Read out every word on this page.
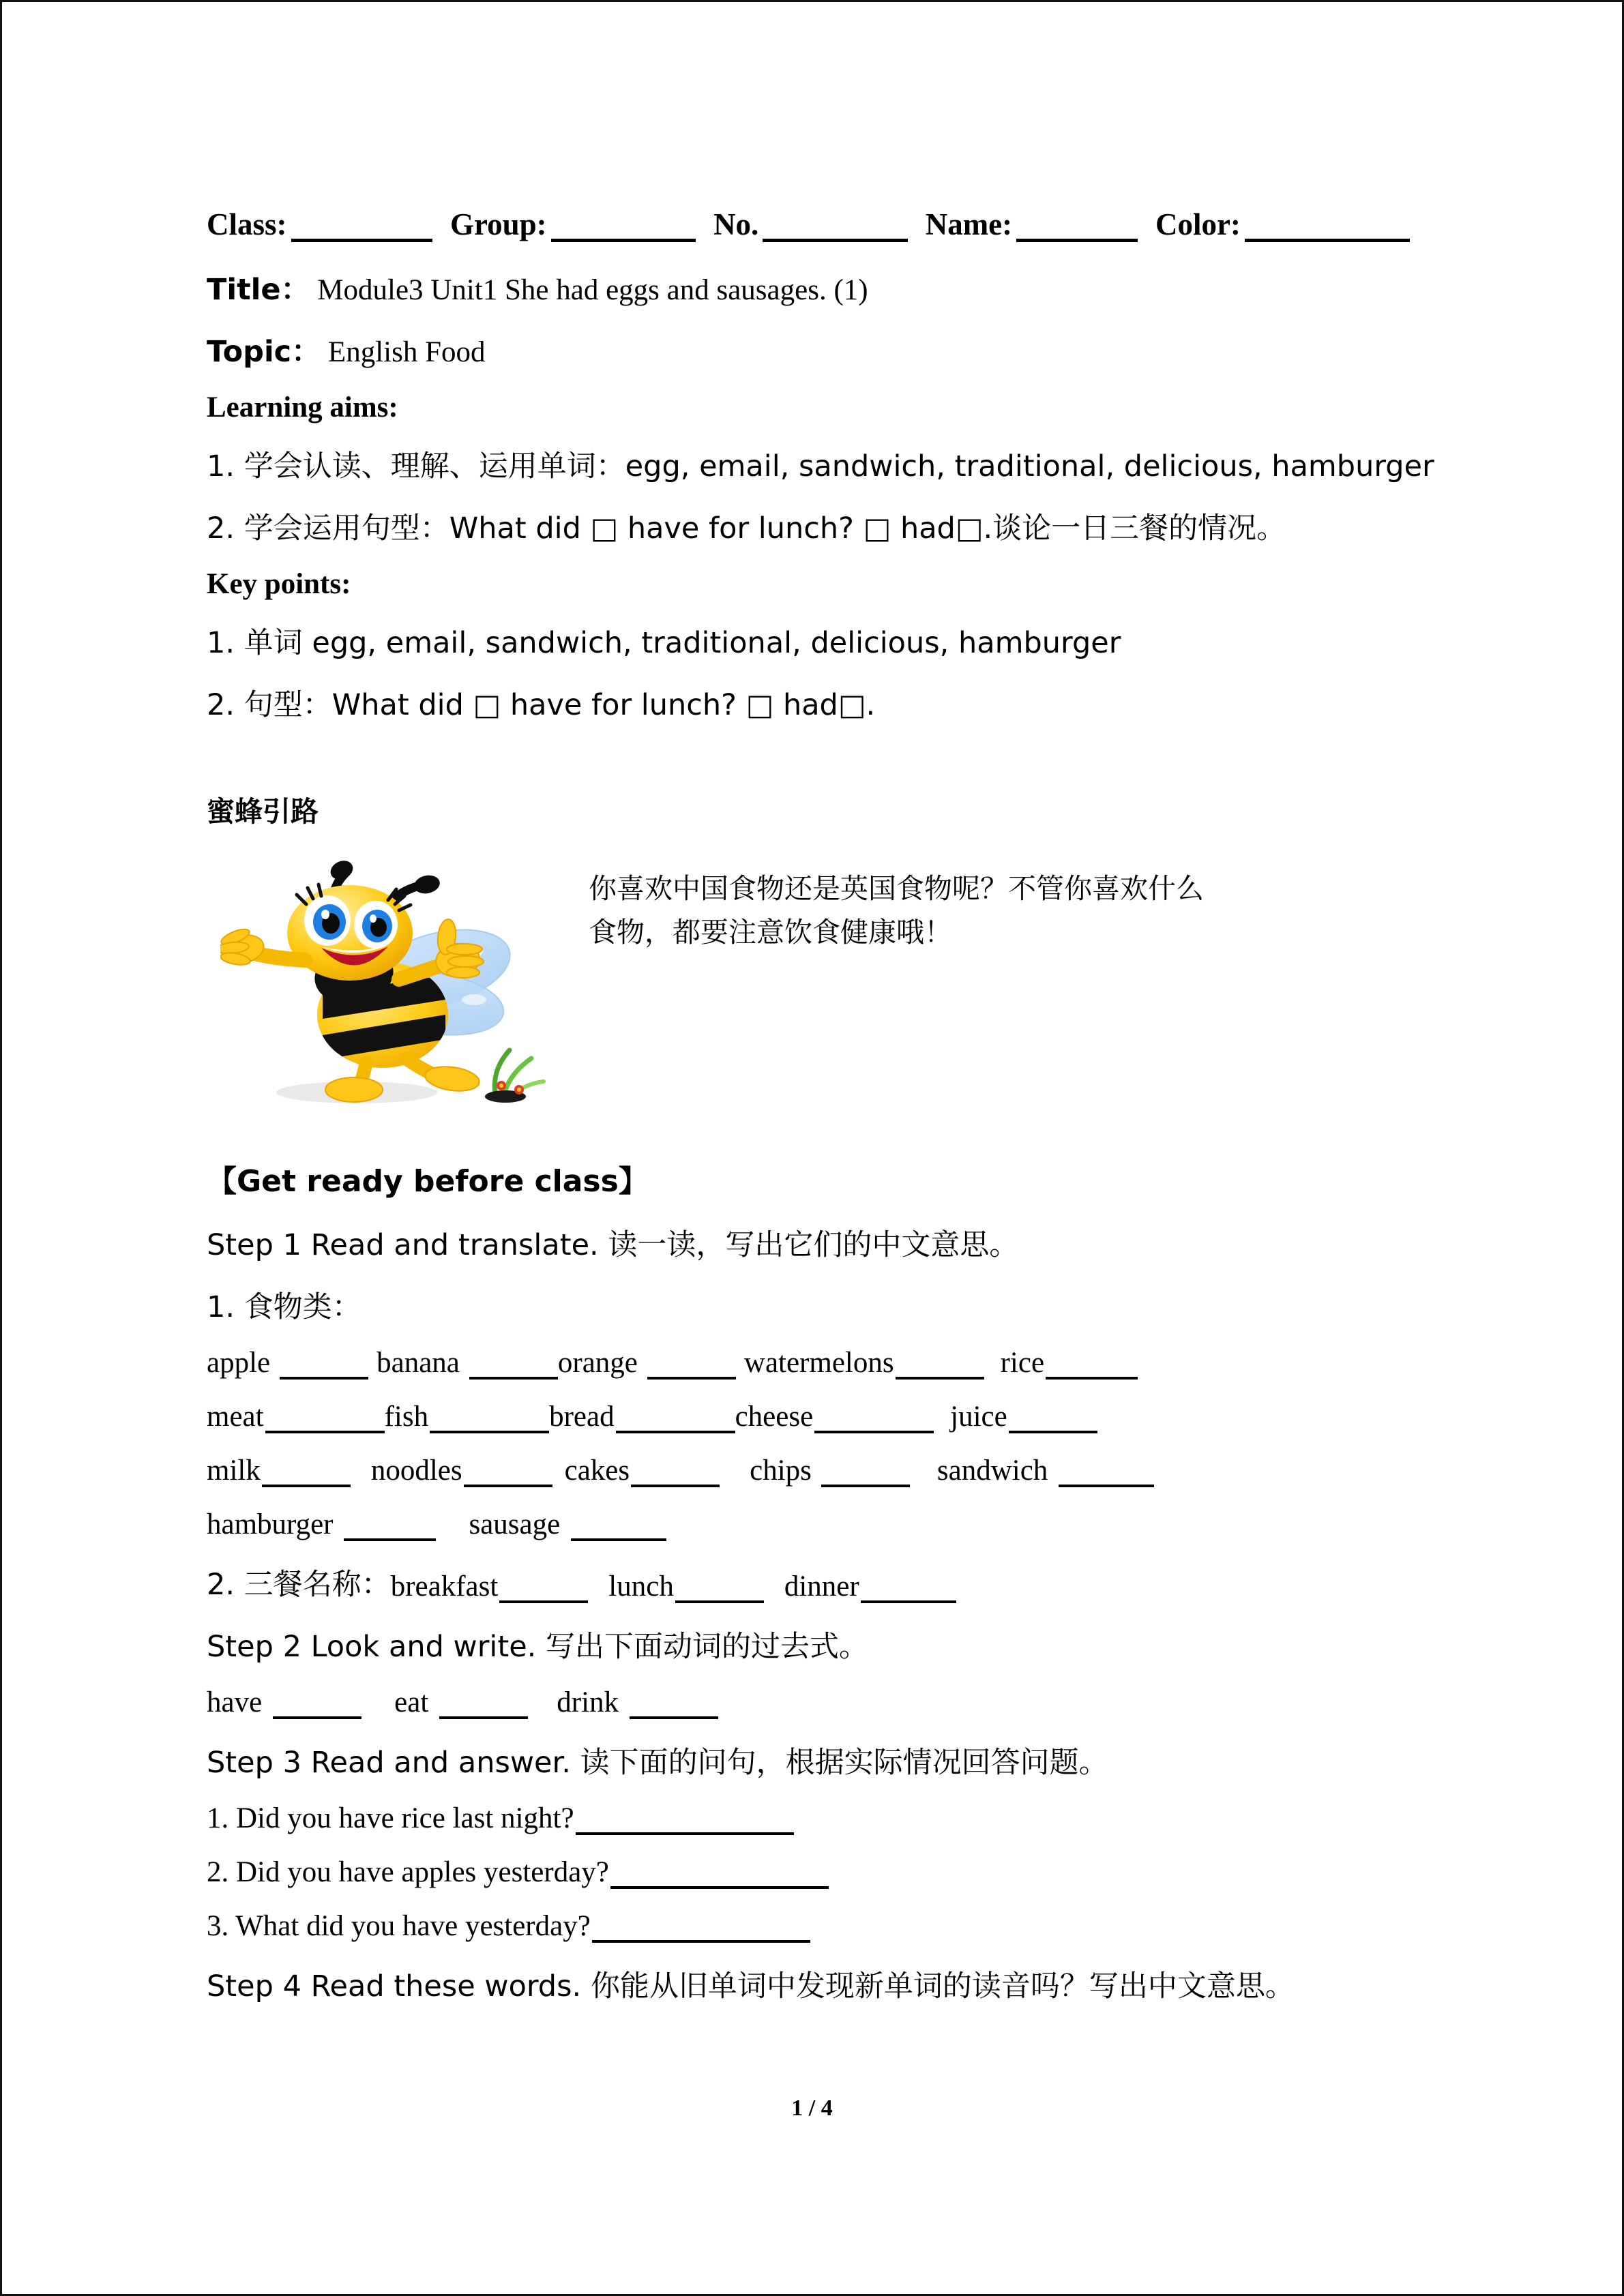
Class:	Group:	No.	Name:	Color:
Title： Module3 Unit1 She had eggs and sausages. (1)
Topic： English Food
Learning aims:
1. 学会认读、理解、运用单词：egg, email, sandwich, traditional, delicious, hamburger
2. 学会运用句型：What did □ have for lunch? □ had□.谈论一日三餐的情况。
Key points:
1. 单词 egg, email, sandwich, traditional, delicious, hamburger
2. 句型：What did □ have for lunch? □ had□.
蜜蜂引路
你喜欢中国食物还是英国食物呢？不管你喜欢什么
食物，都要注意饮食健康哦！
【Get ready before class】
Step 1 Read and translate. 读一读，写出它们的中文意思。
1. 食物类：
apple	banana	orange	watermelons	rice
meat	fish	bread	cheese	juice
milk	noodles	cakes	chips	sandwich
hamburger	sausage
2. 三餐名称： breakfast	lunch	dinner
Step 2 Look and write. 写出下面动词的过去式。
have	eat	drink
Step 3 Read and answer. 读下面的问句，根据实际情况回答问题。
1. Did you have rice last night?
2. Did you have apples yesterday?
3. What did you have yesterday?
Step 4 Read these words. 你能从旧单词中发现新单词的读音吗？写出中文意思。
1 / 4
